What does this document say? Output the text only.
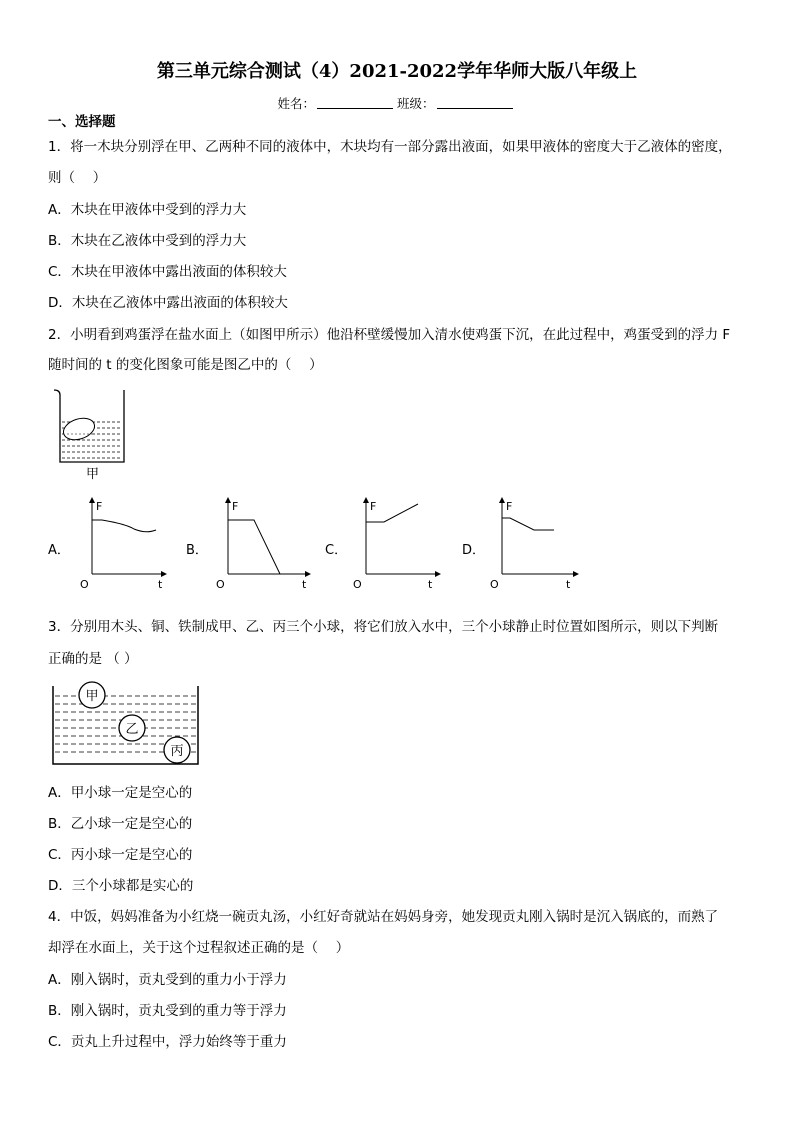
第三单元综合测试（4）2021-2022学年华师大版八年级上
姓名：	班级：
一、选择题
1．将一木块分别浮在甲、乙两种不同的液体中，木块均有一部分露出液面，如果甲液体的密度大于乙液体的密度，
则（　 ）
A．木块在甲液体中受到的浮力大
B．木块在乙液体中受到的浮力大
C．木块在甲液体中露出液面的体积较大
D．木块在乙液体中露出液面的体积较大
2．小明看到鸡蛋浮在盐水面上（如图甲所示）他沿杯壁缓慢加入清水使鸡蛋下沉，在此过程中，鸡蛋受到的浮力 F
随时间的 t 的变化图象可能是图乙中的（　 ）
甲
A．
F
t
O
B．
F
t
O
C．
F
t
O
D．
F
t
O
3．分别用木头、铜、铁制成甲、乙、丙三个小球，将它们放入水中，三个小球静止时位置如图所示，则以下判断
正确的是 （ ）
甲
乙
丙
A．甲小球一定是空心的
B．乙小球一定是空心的
C．丙小球一定是空心的
D．三个小球都是实心的
4．中饭，妈妈准备为小红烧一碗贡丸汤，小红好奇就站在妈妈身旁，她发现贡丸刚入锅时是沉入锅底的，而熟了
却浮在水面上，关于这个过程叙述正确的是（　 ）
A．刚入锅时，贡丸受到的重力小于浮力
B．刚入锅时，贡丸受到的重力等于浮力
C．贡丸上升过程中，浮力始终等于重力
